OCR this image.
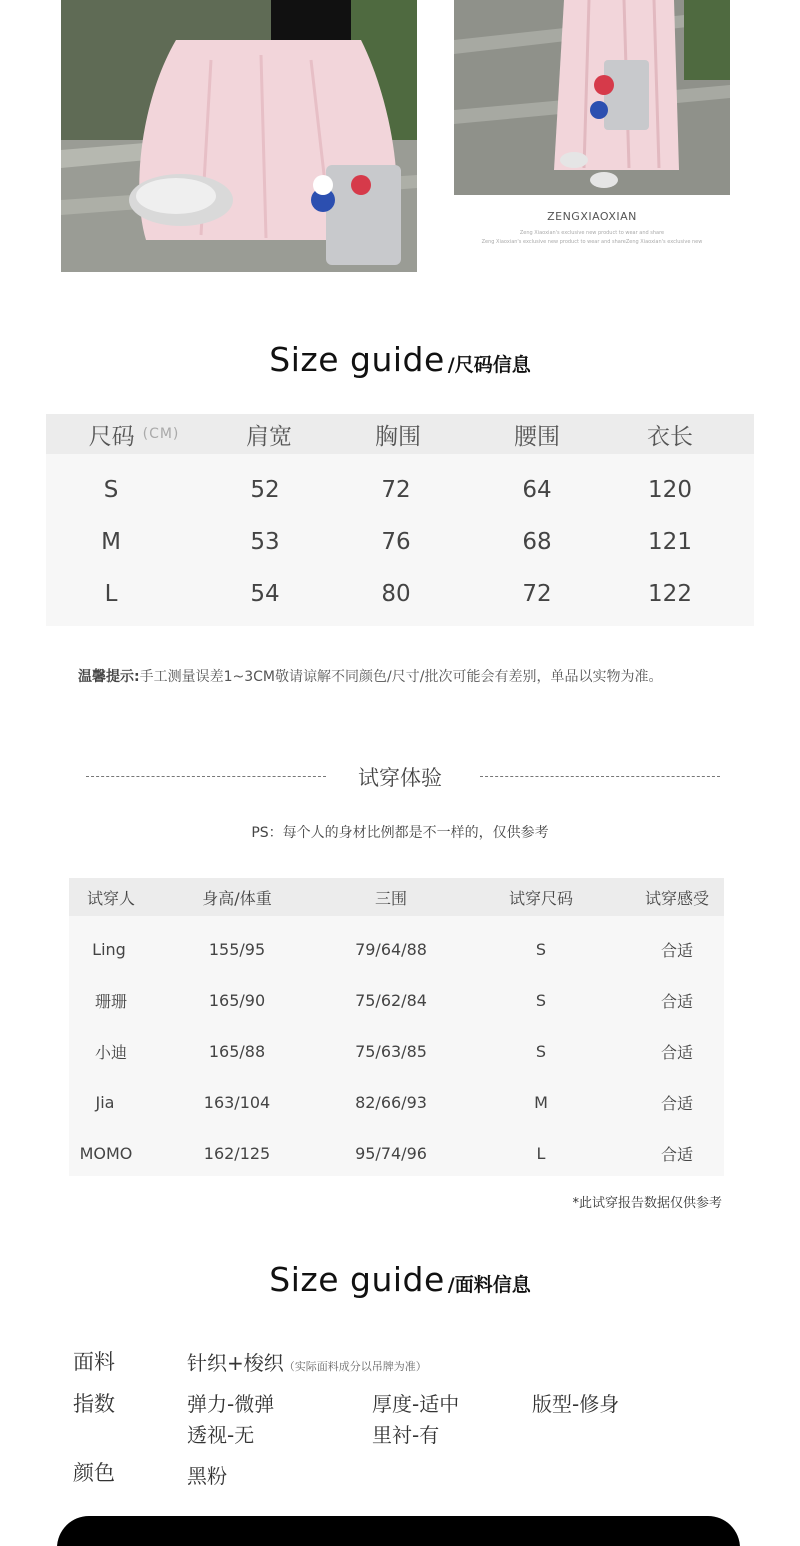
ZENGXIAOXIAN
Zeng Xiaoxian's exclusive new product to wear and share
Zeng Xiaoxian's exclusive new product to wear and shareZeng Xiaoxian's exclusive new
Size guide /尺码信息
尺码 (CM)	肩宽	胸围	腰围	衣长
S	52	72	64	120
M	53	76	68	121
L	54	80	72	122
温馨提示:手工测量误差1~3CM敬请谅解不同颜色/尺寸/批次可能会有差别，单品以实物为准。
试穿体验
PS：每个人的身材比例都是不一样的，仅供参考
试穿人	身高/体重	三围	试穿尺码	试穿感受
Ling	155/95	79/64/88	S	合适
珊珊	165/90	75/62/84	S	合适
小迪	165/88	75/63/85	S	合适
Jia	163/104	82/66/93	M	合适
MOMO	162/125	95/74/96	L	合适
*此试穿报告数据仅供参考
Size guide /面料信息
面料	针织+梭织（实际面料成分以吊牌为准）
指数	弹力-微弹	厚度-适中	版型-修身
透视-无	里衬-有
颜色	黑粉
